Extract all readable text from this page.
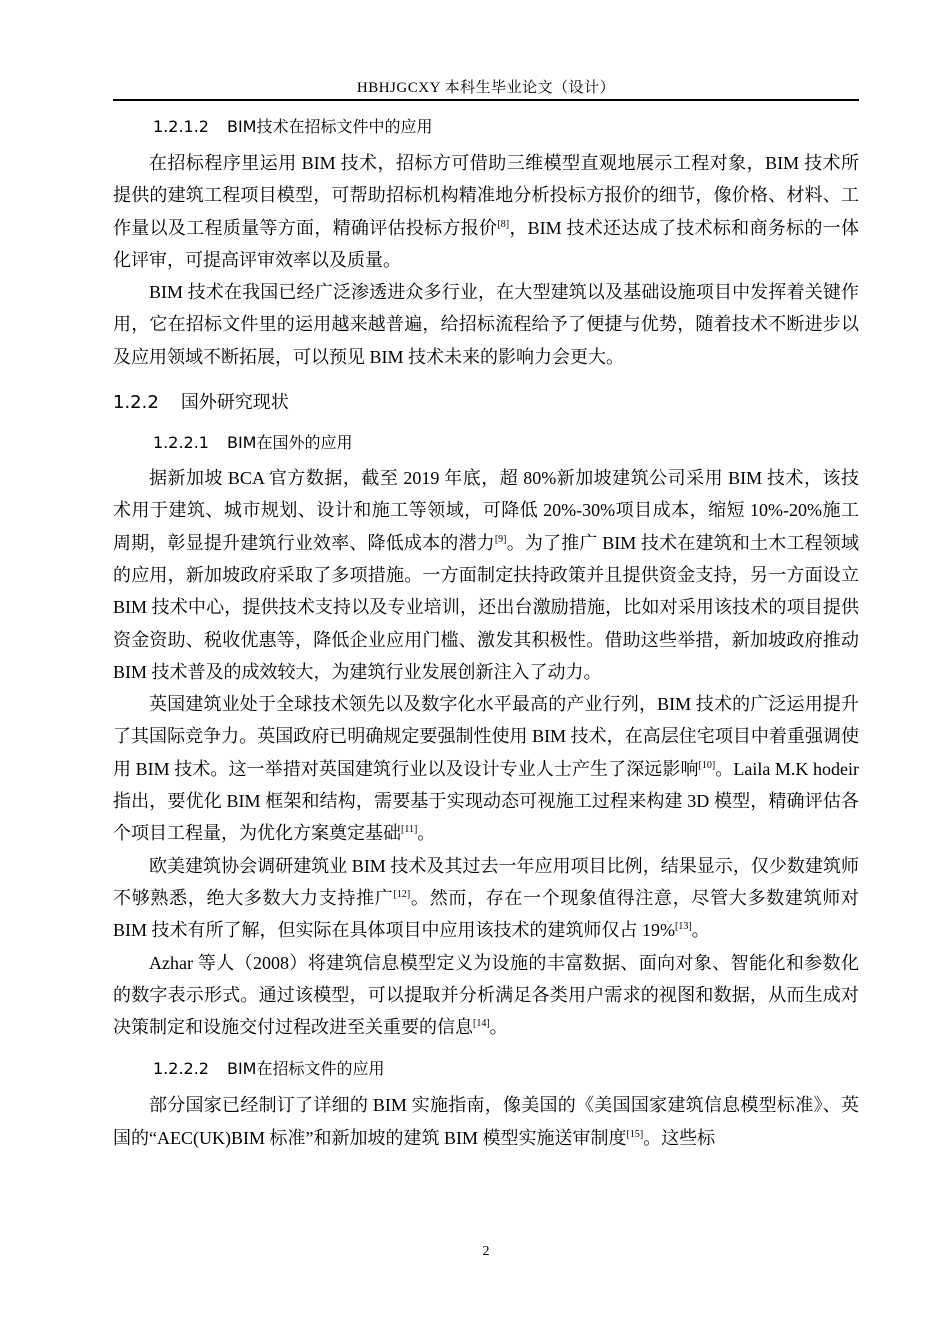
HBHJGCXY 本科生毕业论文（设计）
1.2.1.2 BIM技术在招标文件中的应用

在招标程序里运用 BIM 技术，招标方可借助三维模型直观地展示工程对象，BIM 技术所提供的建筑工程项目模型，可帮助招标机构精准地分析投标方报价的细节，像价格、材料、工作量以及工程质量等方面，精确评估投标方报价[8]，BIM 技术还达成了技术标和商务标的一体化评审，可提高评审效率以及质量。

BIM 技术在我国已经广泛渗透进众多行业，在大型建筑以及基础设施项目中发挥着关键作用，它在招标文件里的运用越来越普遍，给招标流程给予了便捷与优势，随着技术不断进步以及应用领域不断拓展，可以预见 BIM 技术未来的影响力会更大。

1.2.2 国外研究现状
1.2.2.1 BIM在国外的应用

据新加坡 BCA 官方数据，截至 2019 年底，超 80%新加坡建筑公司采用 BIM 技术，该技术用于建筑、城市规划、设计和施工等领域，可降低 20%-30%项目成本，缩短 10%-20%施工周期，彰显提升建筑行业效率、降低成本的潜力[9]。为了推广 BIM 技术在建筑和土木工程领域的应用，新加坡政府采取了多项措施。一方面制定扶持政策并且提供资金支持，另一方面设立 BIM 技术中心，提供技术支持以及专业培训，还出台激励措施，比如对采用该技术的项目提供资金资助、税收优惠等，降低企业应用门槛、激发其积极性。借助这些举措，新加坡政府推动 BIM 技术普及的成效较大，为建筑行业发展创新注入了动力。

英国建筑业处于全球技术领先以及数字化水平最高的产业行列，BIM 技术的广泛运用提升了其国际竞争力。英国政府已明确规定要强制性使用 BIM 技术，在高层住宅项目中着重强调使用 BIM 技术。这一举措对英国建筑行业以及设计专业人士产生了深远影响[10]。Laila M.K hodeir 指出，要优化 BIM 框架和结构，需要基于实现动态可视施工过程来构建 3D 模型，精确评估各个项目工程量，为优化方案奠定基础[11]。

欧美建筑协会调研建筑业 BIM 技术及其过去一年应用项目比例，结果显示，仅少数建筑师不够熟悉，绝大多数大力支持推广[12]。然而，存在一个现象值得注意，尽管大多数建筑师对 BIM 技术有所了解，但实际在具体项目中应用该技术的建筑师仅占 19%[13]。

Azhar 等人（2008）将建筑信息模型定义为设施的丰富数据、面向对象、智能化和参数化的数字表示形式。通过该模型，可以提取并分析满足各类用户需求的视图和数据，从而生成对决策制定和设施交付过程改进至关重要的信息[14]。

1.2.2.2 BIM在招标文件的应用

部分国家已经制订了详细的 BIM 实施指南，像美国的《美国国家建筑信息模型标准》、英国的“AEC(UK)BIM 标准”和新加坡的建筑 BIM 模型实施送审制度[15]。这些标

2
